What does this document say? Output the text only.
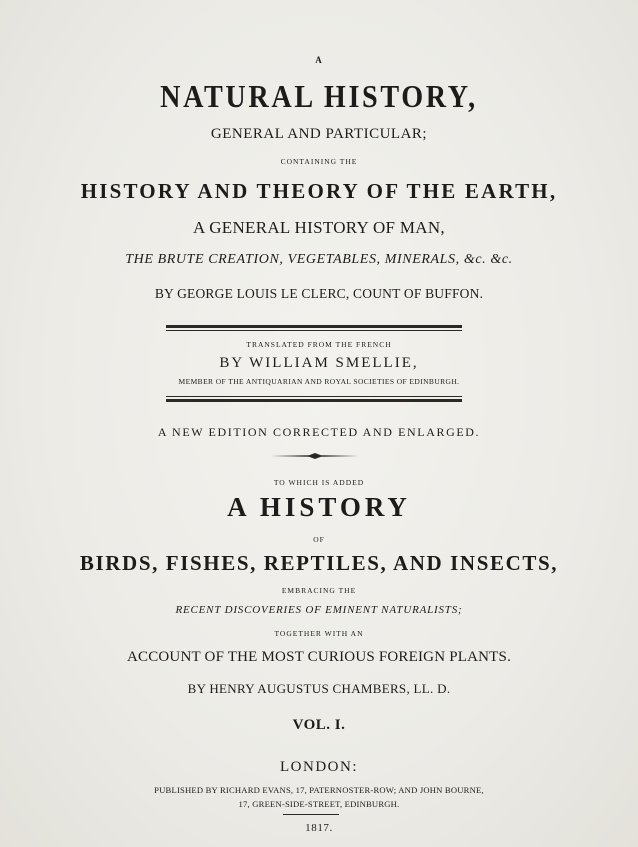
A
NATURAL HISTORY,
GENERAL AND PARTICULAR;
CONTAINING THE
HISTORY AND THEORY OF THE EARTH,
A GENERAL HISTORY OF MAN,
THE BRUTE CREATION, VEGETABLES, MINERALS, &c. &c.
BY GEORGE LOUIS LE CLERC, COUNT OF BUFFON.
TRANSLATED FROM THE FRENCH
BY WILLIAM SMELLIE,
MEMBER OF THE ANTIQUARIAN AND ROYAL SOCIETIES OF EDINBURGH.
A NEW EDITION CORRECTED AND ENLARGED.
TO WHICH IS ADDED
A HISTORY
OF
BIRDS, FISHES, REPTILES, AND INSECTS,
EMBRACING THE
RECENT DISCOVERIES OF EMINENT NATURALISTS;
TOGETHER WITH AN
ACCOUNT OF THE MOST CURIOUS FOREIGN PLANTS.
BY HENRY AUGUSTUS CHAMBERS, LL. D.
VOL. I.
LONDON:
PUBLISHED BY RICHARD EVANS, 17, PATERNOSTER-ROW; AND JOHN BOURNE,
17, GREEN-SIDE-STREET, EDINBURGH.
1817.
